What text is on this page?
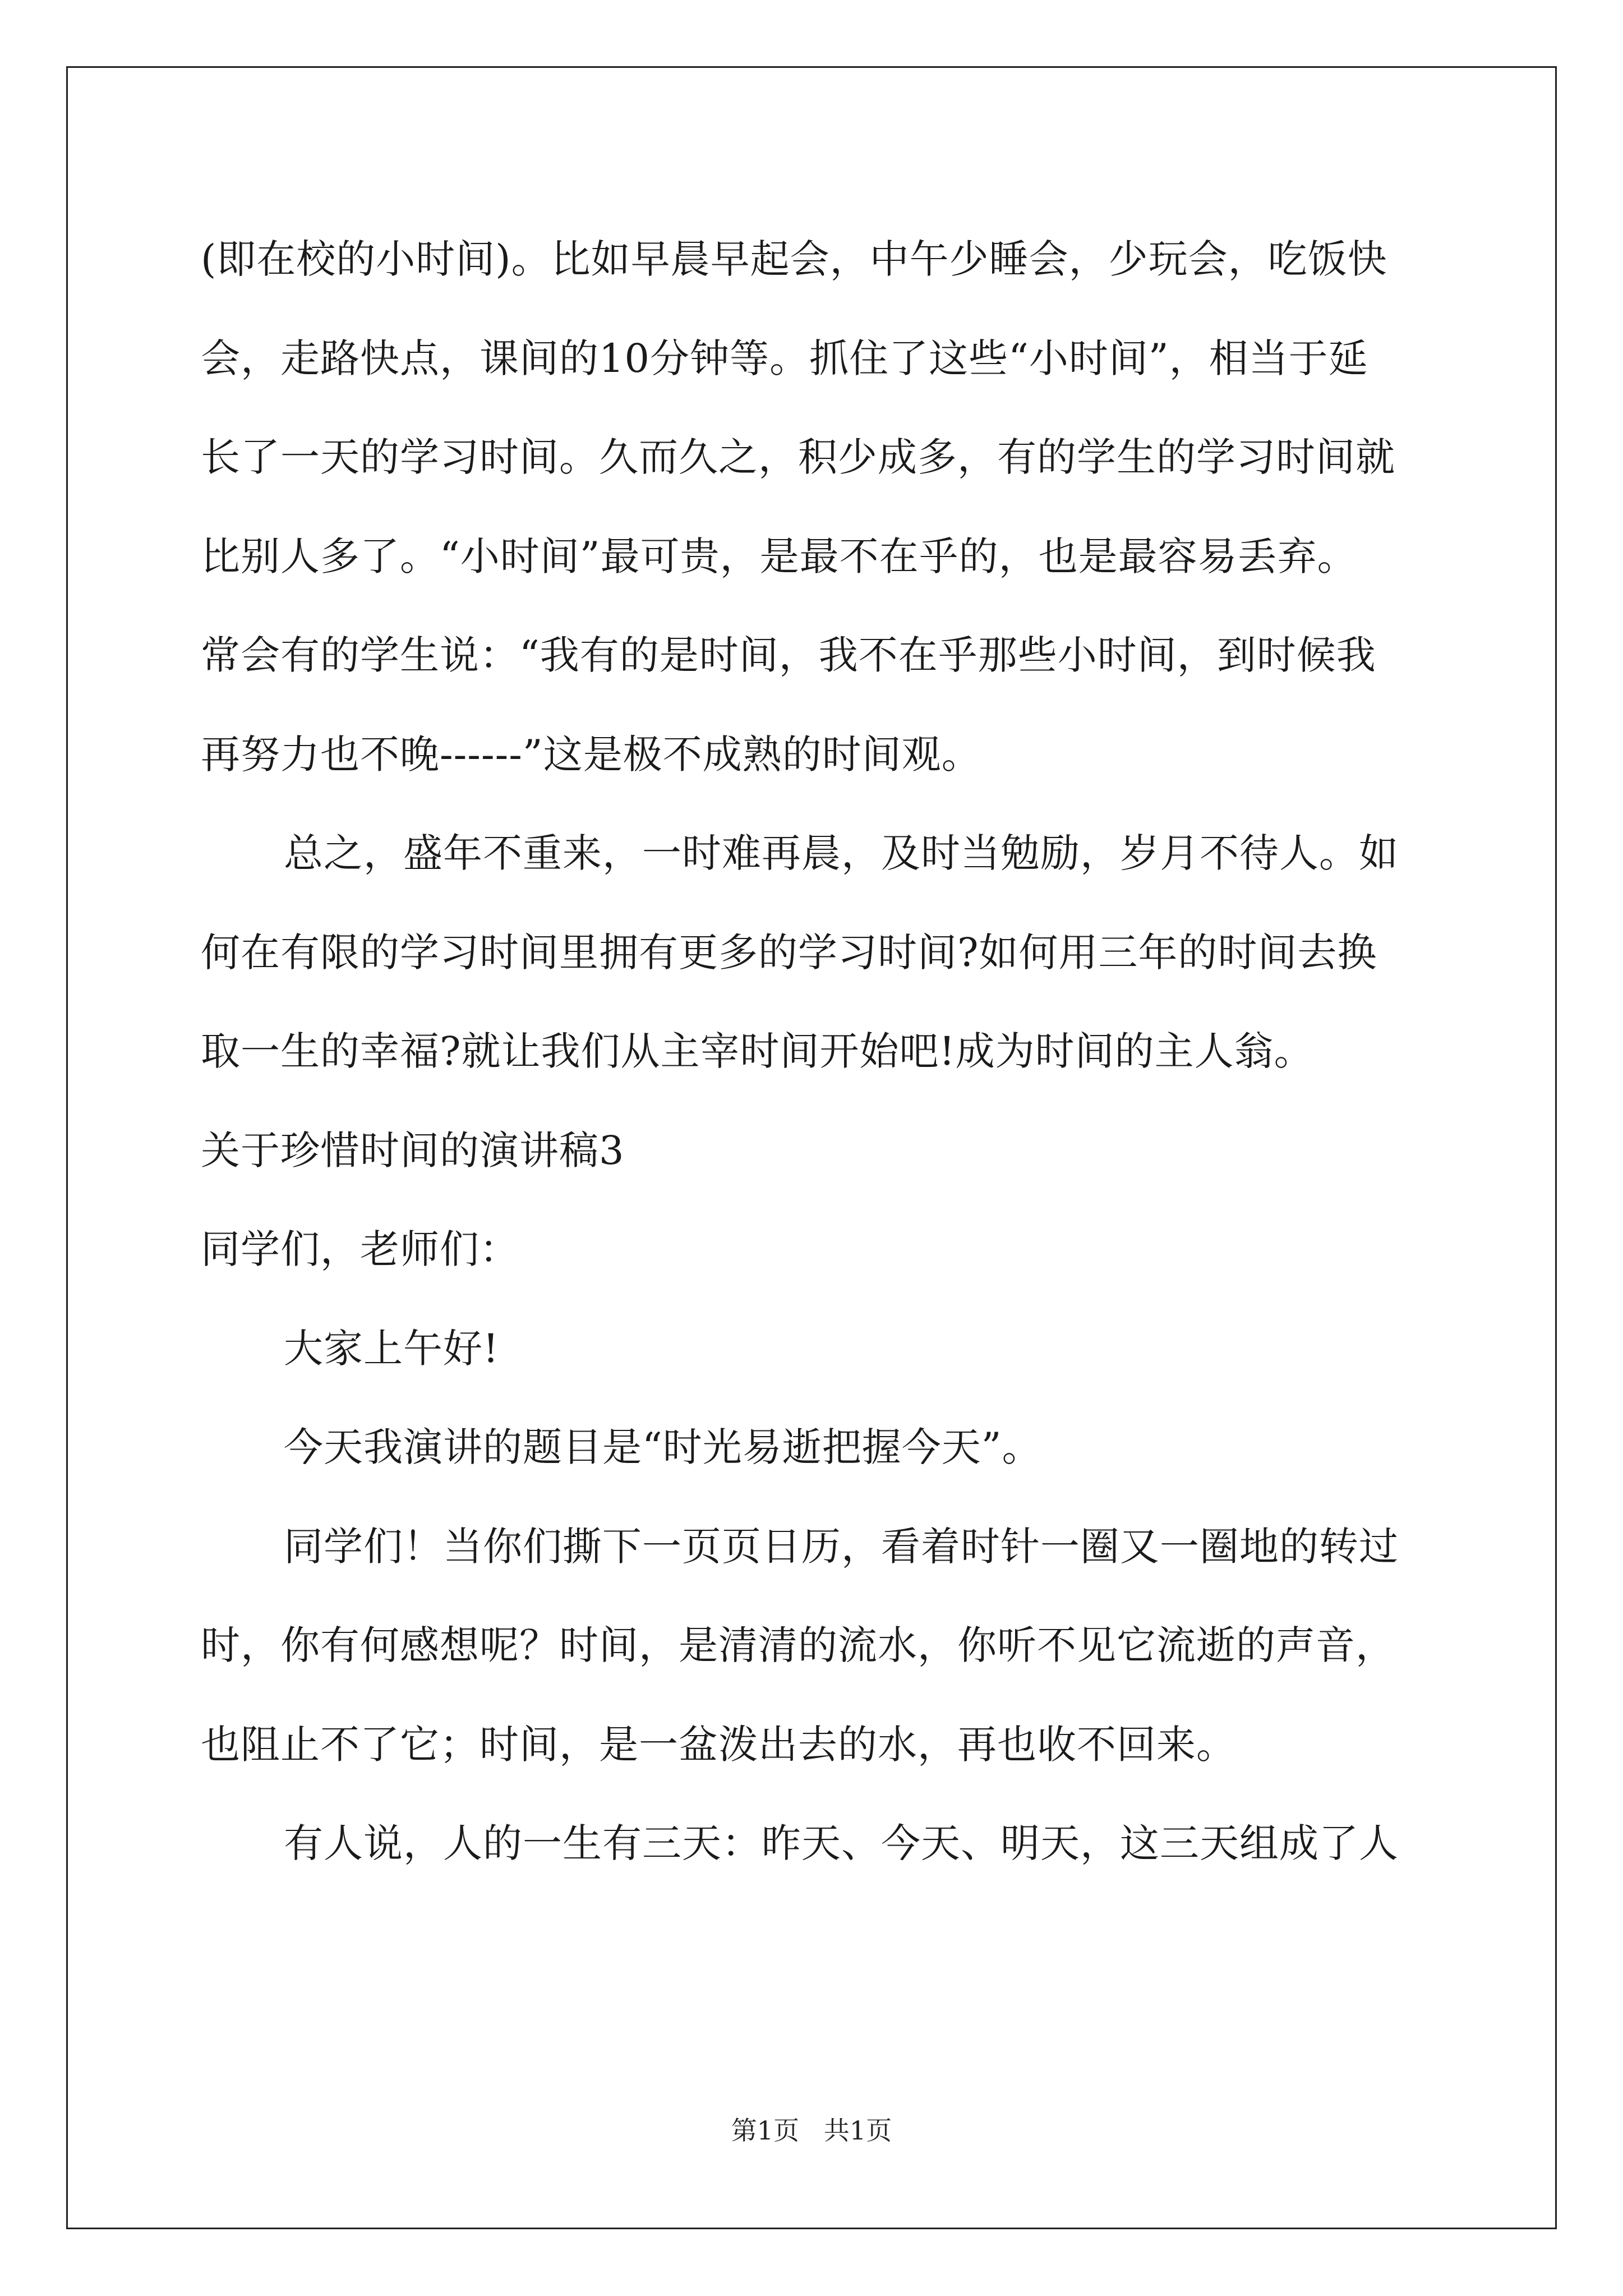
(即在校的小时间)。比如早晨早起会，中午少睡会，少玩会，吃饭快
会，走路快点，课间的10分钟等。抓住了这些“小时间”，相当于延
长了一天的学习时间。久而久之，积少成多，有的学生的学习时间就
比别人多了。“小时间”最可贵，是最不在乎的，也是最容易丢弃。
常会有的学生说：“我有的是时间，我不在乎那些小时间，到时候我
再努力也不晚------”这是极不成熟的时间观。
总之，盛年不重来，一时难再晨，及时当勉励，岁月不待人。如
何在有限的学习时间里拥有更多的学习时间?如何用三年的时间去换
取一生的幸福?就让我们从主宰时间开始吧!成为时间的主人翁。
关于珍惜时间的演讲稿3
同学们，老师们：
大家上午好!
今天我演讲的题目是“时光易逝把握今天”。
同学们！当你们撕下一页页日历，看着时针一圈又一圈地的转过
时，你有何感想呢？时间，是清清的流水，你听不见它流逝的声音，
也阻止不了它；时间，是一盆泼出去的水，再也收不回来。
有人说，人的一生有三天：昨天、今天、明天，这三天组成了人
第1页   共1页
